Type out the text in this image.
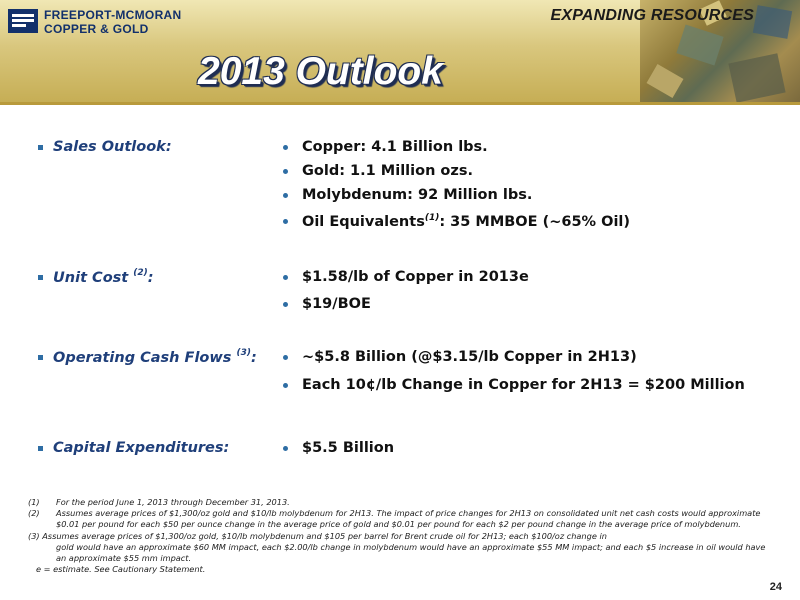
FREEPORT-MCMORAN
COPPER & GOLD
EXPANDING RESOURCES
2013 Outlook
Sales Outlook:	Copper: 4.1 Billion lbs.
Gold: 1.1 Million ozs.
Molybdenum: 92 Million lbs.
Oil Equivalents$^{(1)}$: 35 MMBOE (~65% Oil)
Unit Cost $^{(2)}$:	$1.58/lb of Copper in 2013e
$19/BOE
Operating Cash Flows $^{(3)}$:	~$5.8 Billion (@$3.15/lb Copper in 2H13)
Each 10¢/lb Change in Copper for 2H13 = $200 Million
Capital Expenditures:	$5.5 Billion
(1)	For the period June 1, 2013 through December 31, 2013.
(2)	Assumes average prices of $1,300/oz gold and $10/lb molybdenum for 2H13. The impact of price changes for 2H13 on consolidated unit net cash costs would approximate $0.01 per pound for each $50 per ounce change in the average price of gold and $0.01 per pound for each $2 per pound change in the average price of molybdenum.
(3) Assumes average prices of $1,300/oz gold, $10/lb molybdenum and $105 per barrel for Brent crude oil for 2H13; each $100/oz change in
gold would have an approximate $60 MM impact, each $2.00/lb change in molybdenum would have an approximate $55 MM impact; and each $5 increase in oil would have an approximate $55 mm impact.
e = estimate. See Cautionary Statement.
24
